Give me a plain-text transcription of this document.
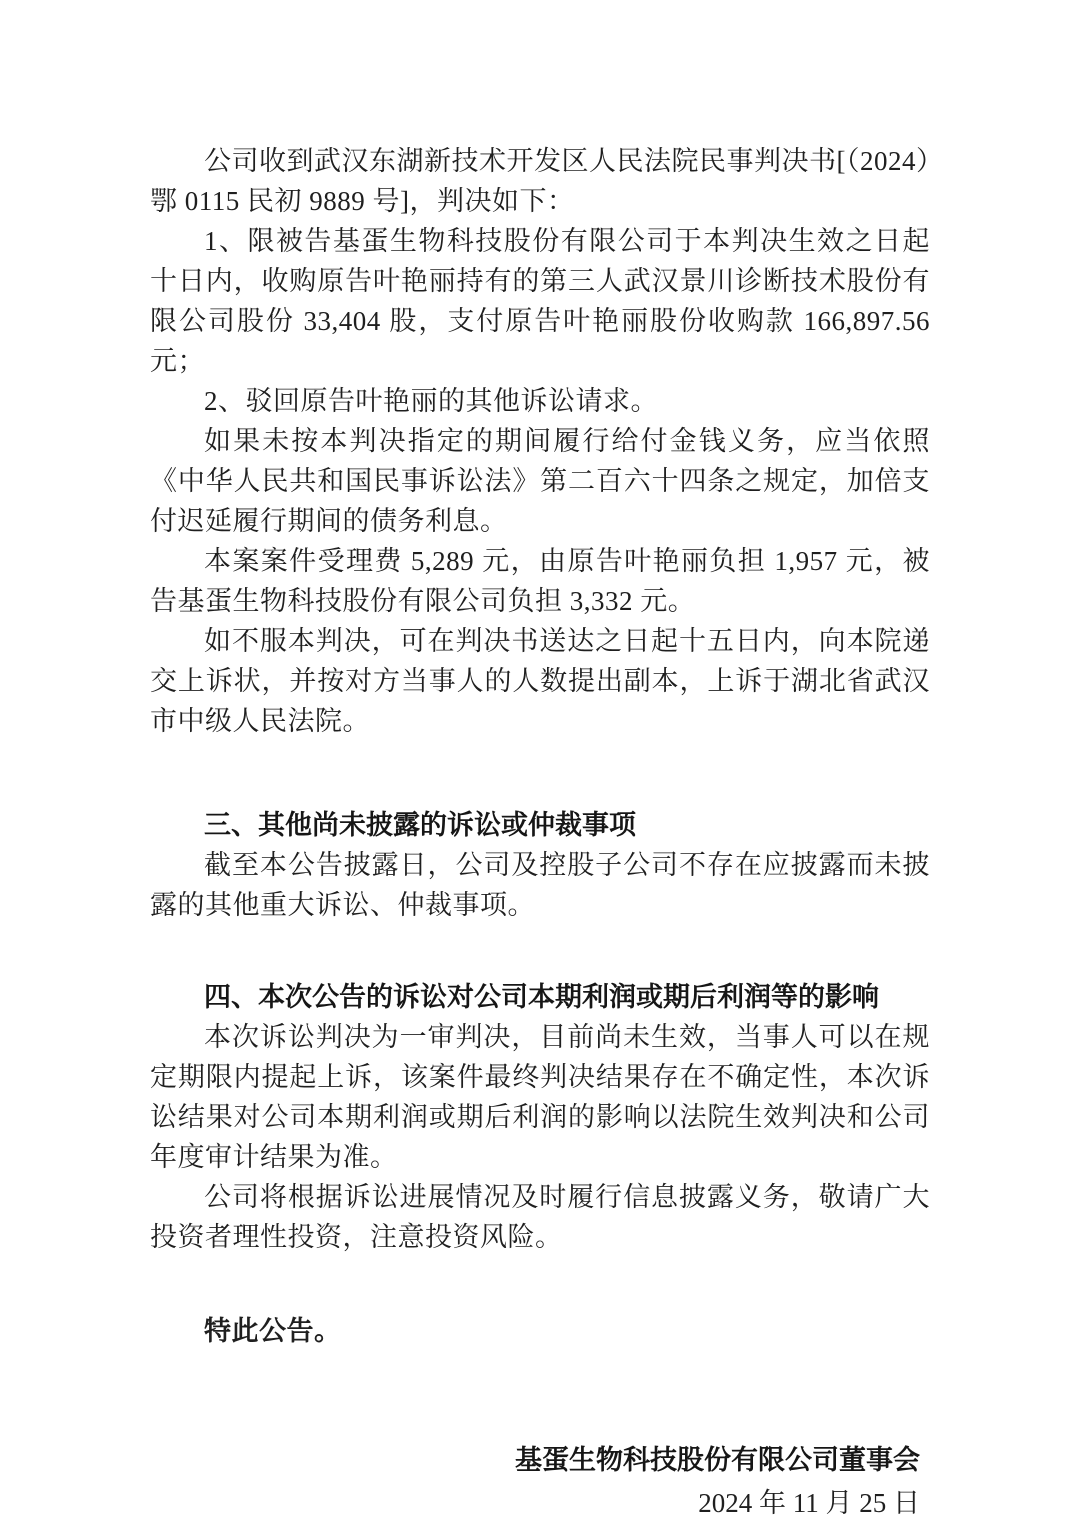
公司收到武汉东湖新技术开发区人民法院民事判决书[（2024）鄂 0115 民初 9889 号]，判决如下：

1、限被告基蛋生物科技股份有限公司于本判决生效之日起十日内，收购原告叶艳丽持有的第三人武汉景川诊断技术股份有限公司股份 33,404 股，支付原告叶艳丽股份收购款 166,897.56 元；

2、驳回原告叶艳丽的其他诉讼请求。

如果未按本判决指定的期间履行给付金钱义务，应当依照《中华人民共和国民事诉讼法》第二百六十四条之规定，加倍支付迟延履行期间的债务利息。

本案案件受理费 5,289 元，由原告叶艳丽负担 1,957 元，被告基蛋生物科技股份有限公司负担 3,332 元。

如不服本判决，可在判决书送达之日起十五日内，向本院递交上诉状，并按对方当事人的人数提出副本，上诉于湖北省武汉市中级人民法院。

三、其他尚未披露的诉讼或仲裁事项

截至本公告披露日，公司及控股子公司不存在应披露而未披露的其他重大诉讼、仲裁事项。

四、本次公告的诉讼对公司本期利润或期后利润等的影响

本次诉讼判决为一审判决，目前尚未生效，当事人可以在规定期限内提起上诉，该案件最终判决结果存在不确定性，本次诉讼结果对公司本期利润或期后利润的影响以法院生效判决和公司年度审计结果为准。

公司将根据诉讼进展情况及时履行信息披露义务，敬请广大投资者理性投资，注意投资风险。

特此公告。

基蛋生物科技股份有限公司董事会

2024 年 11 月 25 日
